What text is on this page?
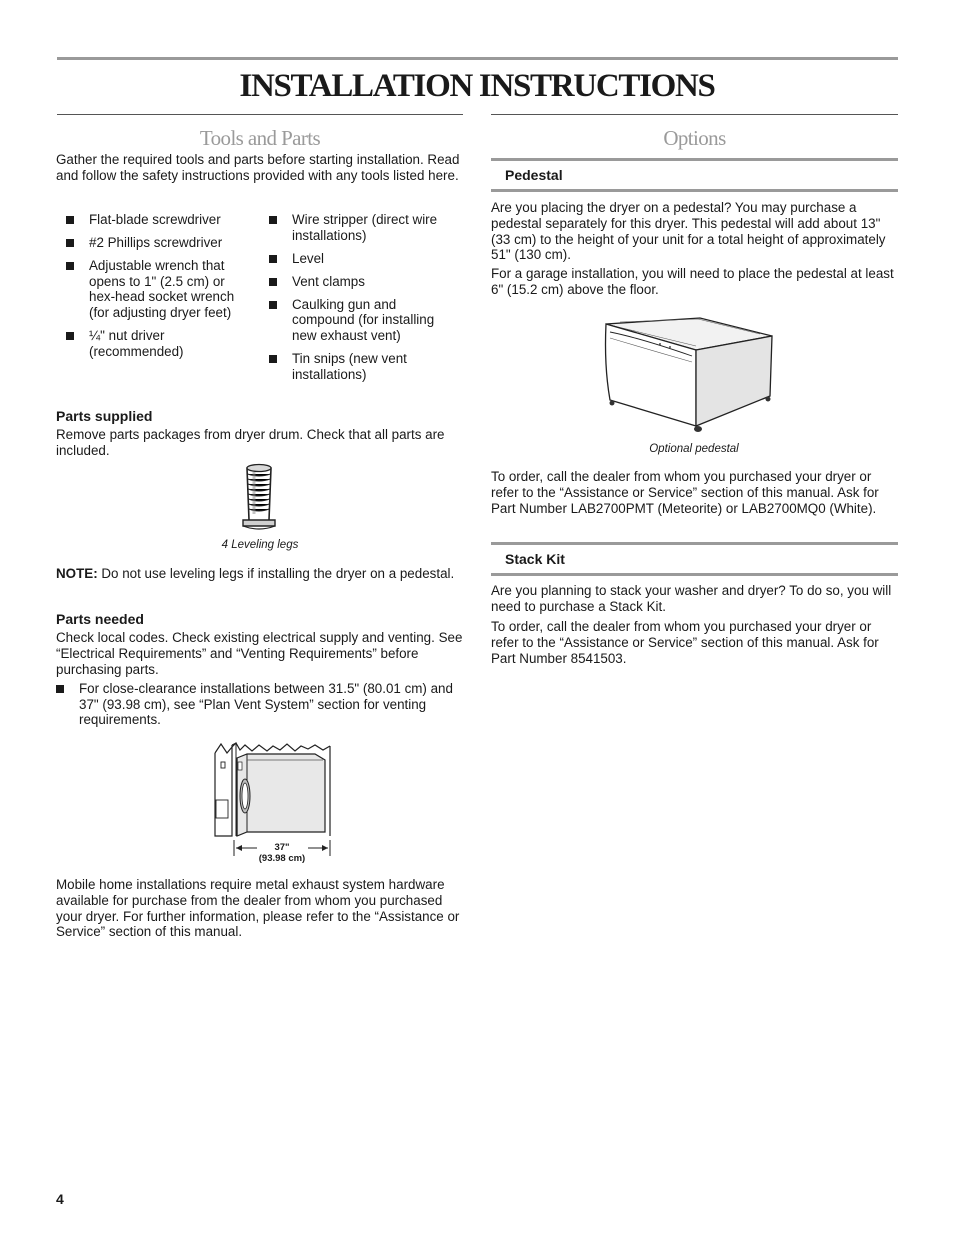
INSTALLATION INSTRUCTIONS
Tools and Parts

Gather the required tools and parts before starting installation. Read and follow the safety instructions provided with any tools listed here.

Flat-blade screwdriver
#2 Phillips screwdriver
Adjustable wrench that opens to 1" (2.5 cm) or hex-head socket wrench (for adjusting dryer feet)
¼" nut driver (recommended)
Wire stripper (direct wire installations)
Level
Vent clamps
Caulking gun and compound (for installing new exhaust vent)
Tin snips (new vent installations)
Parts supplied

Remove parts packages from dryer drum. Check that all parts are included.

4 Leveling legs

NOTE: Do not use leveling legs if installing the dryer on a pedestal.

Parts needed

Check local codes. Check existing electrical supply and venting. See “Electrical Requirements” and “Venting Requirements” before purchasing parts.

For close-clearance installations between 31.5" (80.01 cm) and 37" (93.98 cm), see “Plan Vent System” section for venting requirements.
37"
(93.98 cm)

Mobile home installations require metal exhaust system hardware available for purchase from the dealer from whom you purchased your dryer. For further information, please refer to the “Assistance or Service” section of this manual.

Options
Pedestal

Are you placing the dryer on a pedestal? You may purchase a pedestal separately for this dryer. This pedestal will add about 13" (33 cm) to the height of your unit for a total height of approximately 51" (130 cm).

For a garage installation, you will need to place the pedestal at least 6" (15.2 cm) above the floor.

Optional pedestal

To order, call the dealer from whom you purchased your dryer or refer to the “Assistance or Service” section of this manual. Ask for Part Number LAB2700PMT (Meteorite) or LAB2700MQ0 (White).

Stack Kit

Are you planning to stack your washer and dryer? To do so, you will need to purchase a Stack Kit.

To order, call the dealer from whom you purchased your dryer or refer to the “Assistance or Service” section of this manual. Ask for Part Number 8541503.

4
